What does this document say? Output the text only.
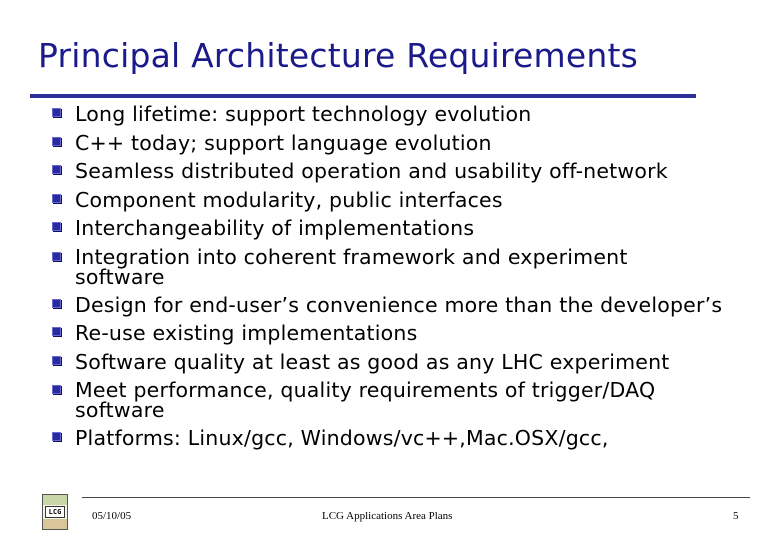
Principal Architecture Requirements
Long lifetime: support technology evolution
C++ today; support language evolution
Seamless distributed operation and usability off-network
Component modularity, public interfaces
Interchangeability of implementations
Integration into coherent framework and experiment software
Design for end-user’s convenience more than the developer’s
Re-use existing implementations
Software quality at least as good as any LHC experiment
Meet performance, quality requirements of trigger/DAQ software
Platforms: Linux/gcc, Windows/vc++,Mac.OSX/gcc,
LCG	05/10/05	LCG Applications Area Plans	5
